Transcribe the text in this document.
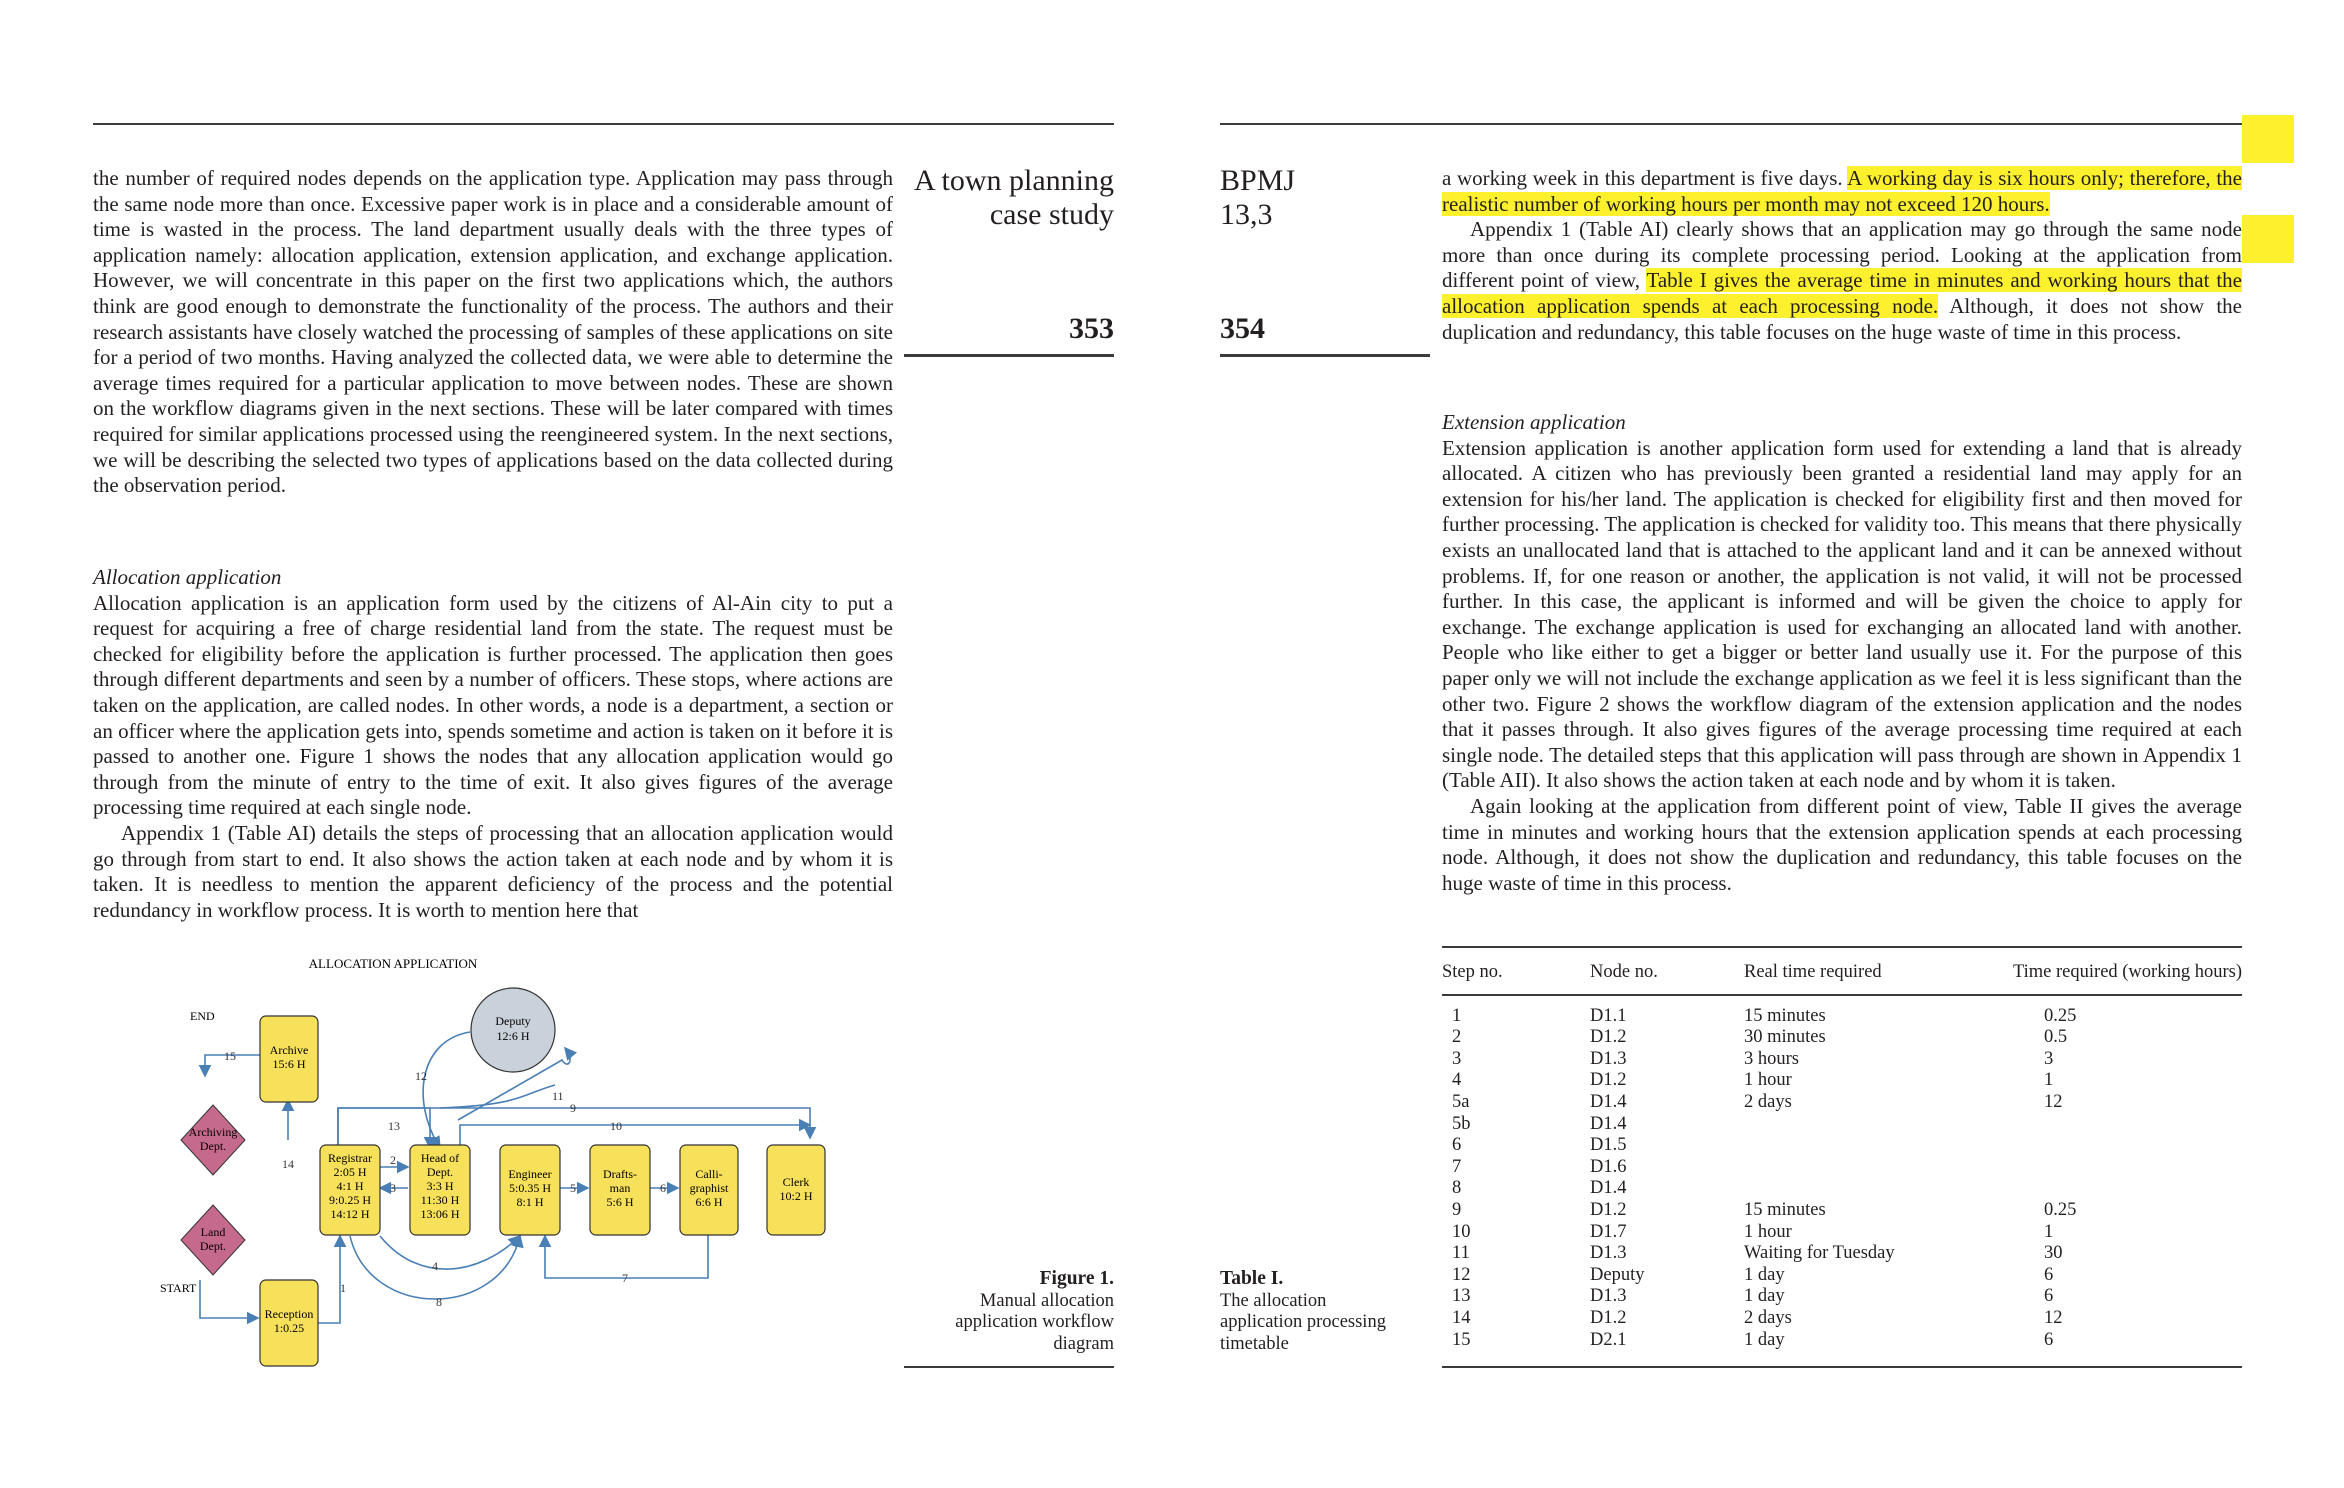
the number of required nodes depends on the application type. Application may pass through the same node more than once. Excessive paper work is in place and a considerable amount of time is wasted in the process. The land department usually deals with the three types of application namely: allocation application, extension application, and exchange application. However, we will concentrate in this paper on the first two applications which, the authors think are good enough to demonstrate the functionality of the process. The authors and their research assistants have closely watched the processing of samples of these applications on site for a period of two months. Having analyzed the collected data, we were able to determine the average times required for a particular application to move between nodes. These are shown on the workflow diagrams given in the next sections. These will be later compared with times required for similar applications processed using the reengineered system. In the next sections, we will be describing the selected two types of applications based on the data collected during the observation period.

A town planning
case study
353

Allocation application

Allocation application is an application form used by the citizens of Al-Ain city to put a request for acquiring a free of charge residential land from the state. The request must be checked for eligibility before the application is further processed. The application then goes through different departments and seen by a number of officers. These stops, where actions are taken on the application, are called nodes. In other words, a node is a department, a section or an officer where the application gets into, spends sometime and action is taken on it before it is passed to another one. Figure 1 shows the nodes that any allocation application would go through from the minute of entry to the time of exit. It also gives figures of the average processing time required at each single node.

Appendix 1 (Table AI) details the steps of processing that an allocation application would go through from start to end. It also shows the action taken at each node and by whom it is taken. It is needless to mention the apparent deficiency of the process and the potential redundancy in workflow process. It is worth to mention here that

ALLOCATION APPLICATION
15
12
11
9
13	10
14	2
3	5	6
4
7
8
1
END
START
Archive
15:6 H
Deputy
12:6 H
Archiving
Dept.
Land
Dept.
Registrar
2:05 H
4:1 H
9:0.25 H
14:12 H
Head of
Dept.
3:3 H
11:30 H
13:06 H
Engineer
5:0.35 H
8:1 H
Drafts-
man
5:6 H
Calli-
graphist
6:6 H
Clerk
10:2 H
Reception
1:0.25
Figure 1.
Manual allocation
application workflow
diagram
BPMJ
13,3
354

a working week in this department is five days. A working day is six hours only; therefore, the realistic number of working hours per month may not exceed 120 hours.

Appendix 1 (Table AI) clearly shows that an application may go through the same node more than once during its complete processing period. Looking at the application from different point of view, Table I gives the average time in minutes and working hours that the allocation application spends at each processing node. Although, it does not show the duplication and redundancy, this table focuses on the huge waste of time in this process.

Extension application

Extension application is another application form used for extending a land that is already allocated. A citizen who has previously been granted a residential land may apply for an extension for his/her land. The application is checked for eligibility first and then moved for further processing. The application is checked for validity too. This means that there physically exists an unallocated land that is attached to the applicant land and it can be annexed without problems. If, for one reason or another, the application is not valid, it will not be processed further. In this case, the applicant is informed and will be given the choice to apply for exchange. The exchange application is used for exchanging an allocated land with another. People who like either to get a bigger or better land usually use it. For the purpose of this paper only we will not include the exchange application as we feel it is less significant than the other two. Figure 2 shows the workflow diagram of the extension application and the nodes that it passes through. It also gives figures of the average processing time required at each single node. The detailed steps that this application will pass through are shown in Appendix 1 (Table AII). It also shows the action taken at each node and by whom it is taken.

Again looking at the application from different point of view, Table II gives the average time in minutes and working hours that the extension application spends at each processing node. Although, it does not show the duplication and redundancy, this table focuses on the huge waste of time in this process.

Step no.	Node no.	Real time required	Time required (working hours)
1	D1.1	15 minutes	0.25
2	D1.2	30 minutes	0.5
3	D1.3	3 hours	3
4	D1.2	1 hour	1
5a	D1.4	2 days	12
5b	D1.4		
6	D1.5		
7	D1.6		
8	D1.4		
9	D1.2	15 minutes	0.25
10	D1.7	1 hour	1
11	D1.3	Waiting for Tuesday	30
12	Deputy	1 day	6
13	D1.3	1 day	6
14	D1.2	2 days	12
15	D2.1	1 day	6
Table I.
The allocation
application processing
timetable
